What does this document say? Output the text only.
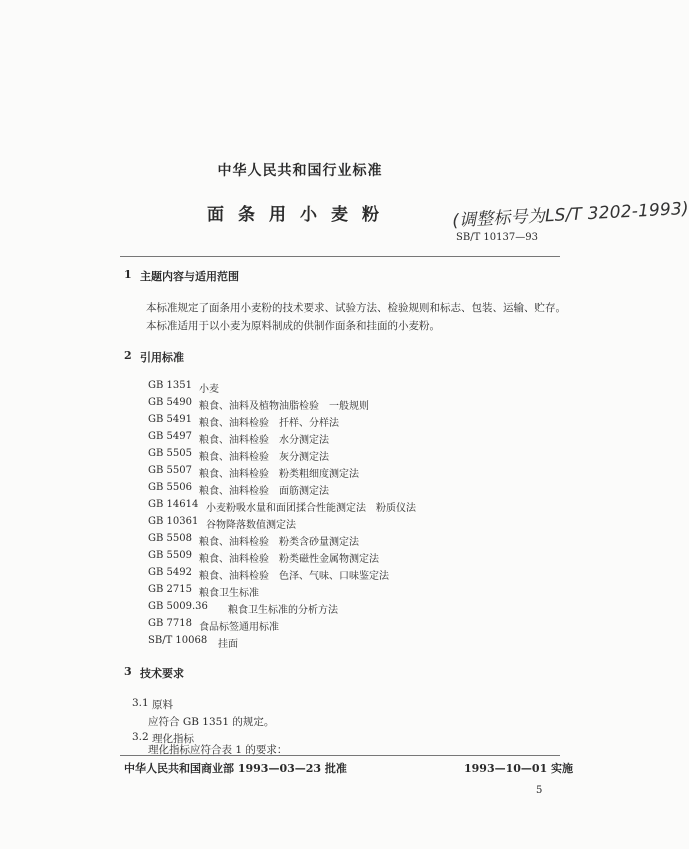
中华人民共和国行业标准
面条用小麦粉	(调整标号为LS/T 3202-1993)
SB/T 10137—93
1 主题内容与适用范围
本标准规定了面条用小麦粉的技术要求、试验方法、检验规则和标志、包装、运输、贮存。
本标准适用于以小麦为原料制成的供制作面条和挂面的小麦粉。
2 引用标准
GB 1351 小麦
GB 5490 粮食、油料及植物油脂检验　一般规则
GB 5491 粮食、油料检验　扦样、分样法
GB 5497 粮食、油料检验　水分测定法
GB 5505 粮食、油料检验　灰分测定法
GB 5507 粮食、油料检验　粉类粗细度测定法
GB 5506 粮食、油料检验　面筋测定法
GB 14614 小麦粉吸水量和面团揉合性能测定法　粉质仪法
GB 10361 谷物降落数值测定法
GB 5508 粮食、油料检验　粉类含砂量测定法
GB 5509 粮食、油料检验　粉类磁性金属物测定法
GB 5492 粮食、油料检验　色泽、气味、口味鉴定法
GB 2715 粮食卫生标准
GB 5009.36 粮食卫生标准的分析方法
GB 7718 食品标签通用标准
SB/T 10068 挂面
3 技术要求
3.1 原料
应符合 GB 1351 的规定。
3.2 理化指标
理化指标应符合表 1 的要求：
中华人民共和国商业部 1993—03—23 批准	1993—10—01 实施
5
